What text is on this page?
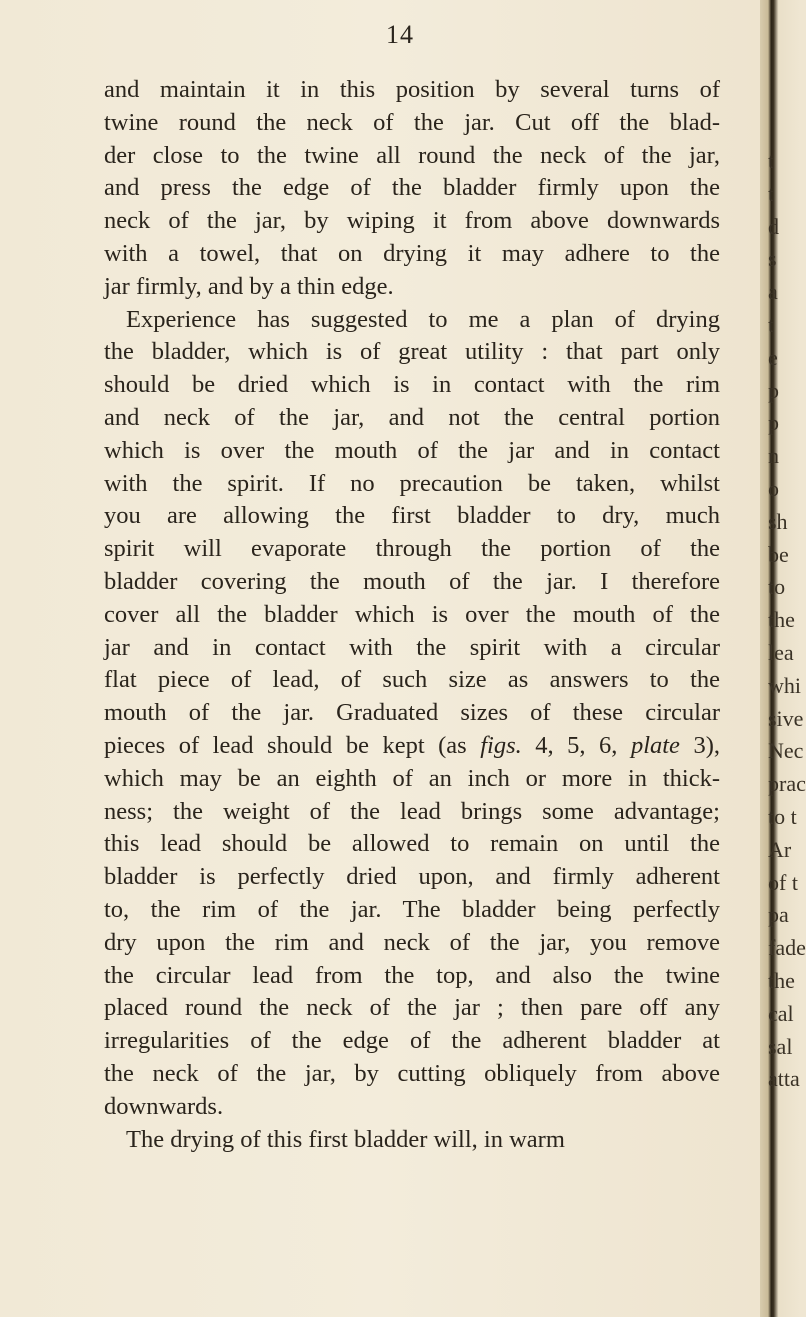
14
and maintain it in this position by several turns of
twine round the neck of the jar. Cut off the blad-
der close to the twine all round the neck of the jar,
and press the edge of the bladder firmly upon the
neck of the jar, by wiping it from above downwards
with a towel, that on drying it may adhere to the
jar firmly, and by a thin edge.
Experience has suggested to me a plan of drying
the bladder, which is of great utility : that part only
should be dried which is in contact with the rim
and neck of the jar, and not the central portion
which is over the mouth of the jar and in contact
with the spirit. If no precaution be taken, whilst
you are allowing the first bladder to dry, much
spirit will evaporate through the portion of the
bladder covering the mouth of the jar. I therefore
cover all the bladder which is over the mouth of the
jar and in contact with the spirit with a circular
flat piece of lead, of such size as answers to the
mouth of the jar. Graduated sizes of these circular
pieces of lead should be kept (as figs. 4, 5, 6, plate 3),
which may be an eighth of an inch or more in thick-
ness; the weight of the lead brings some advantage;
this lead should be allowed to remain on until the
bladder is perfectly dried upon, and firmly adherent
to, the rim of the jar. The bladder being perfectly
dry upon the rim and neck of the jar, you remove
the circular lead from the top, and also the twine
placed round the neck of the jar ; then pare off any
irregularities of the edge of the adherent bladder at
the neck of the jar, by cutting obliquely from above
downwards.
The drying of this first bladder will, in warm
t
t
d
s
a
t
e
p
p
n
o
sh
be
to
the
lea
whi
sive
Nec
prac
to t
Ar
of t
pa
fade
the
cal
sal
atta
